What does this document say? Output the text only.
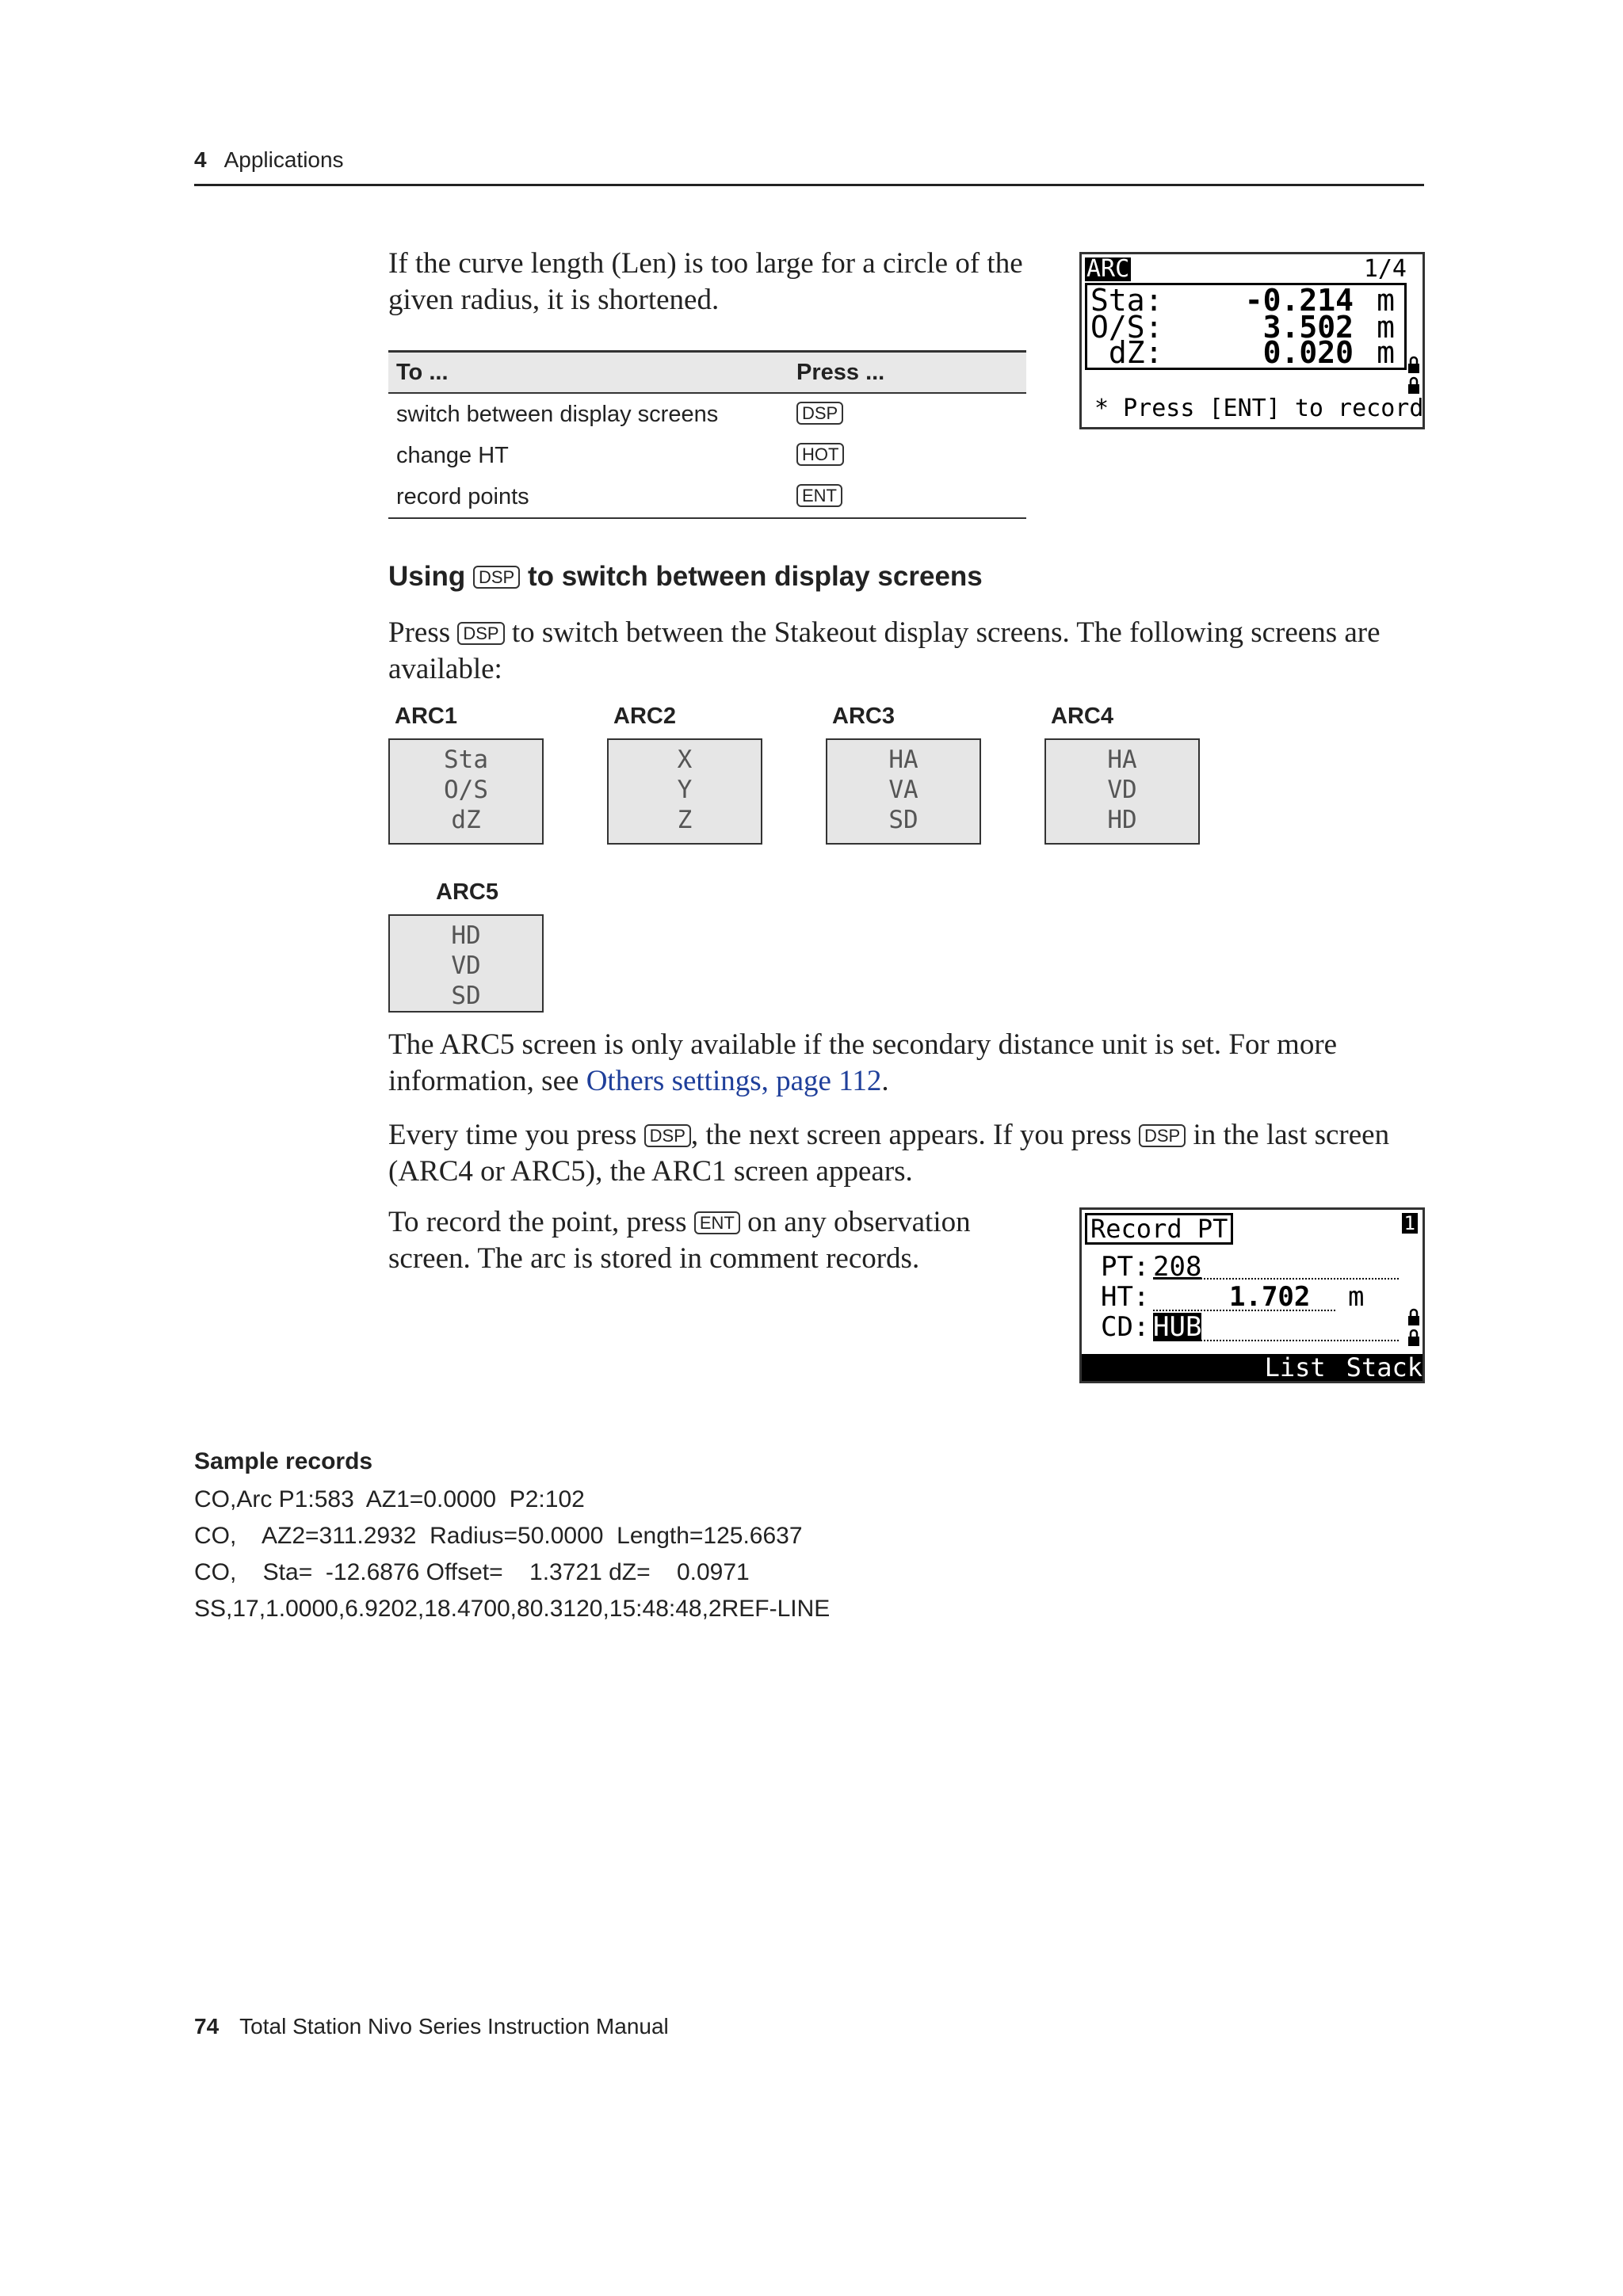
4 Applications
If the curve length (Len) is too large for a circle of the given radius, it is shortened.
To ...	Press ...
switch between display screens	DSP
change HT	HOT
record points	ENT
ARC	1/4
Sta:	-0.214 m
O/S:	3.502 m
dZ:	0.020 m
* Press [ENT] to record
Using DSP to switch between display screens
Press DSP to switch between the Stakeout display screens. The following screens are available:
ARC1
Sta
O/S
dZ
ARC2
X
Y
Z
ARC3
HA
VA
SD
ARC4
HA
VD
HD
ARC5
HD
VD
SD
The ARC5 screen is only available if the secondary distance unit is set. For more information, see Others settings, page 112.
Every time you press DSP , the next screen appears. If you press DSP in the last screen (ARC4 or ARC5), the ARC1 screen appears.
To record the point, press ENT on any observation screen. The arc is stored in comment records.
Record PT	1
PT: 208
HT:	1.702 m
CD: HUB
List Stack
Sample records
CO,Arc P1:583  AZ1=0.0000  P2:102
CO,    AZ2=311.2932  Radius=50.0000  Length=125.6637
CO,    Sta=  -12.6876 Offset=    1.3721 dZ=    0.0971
SS,17,1.0000,6.9202,18.4700,80.3120,15:48:48,2REF-LINE
74 Total Station Nivo Series Instruction Manual
